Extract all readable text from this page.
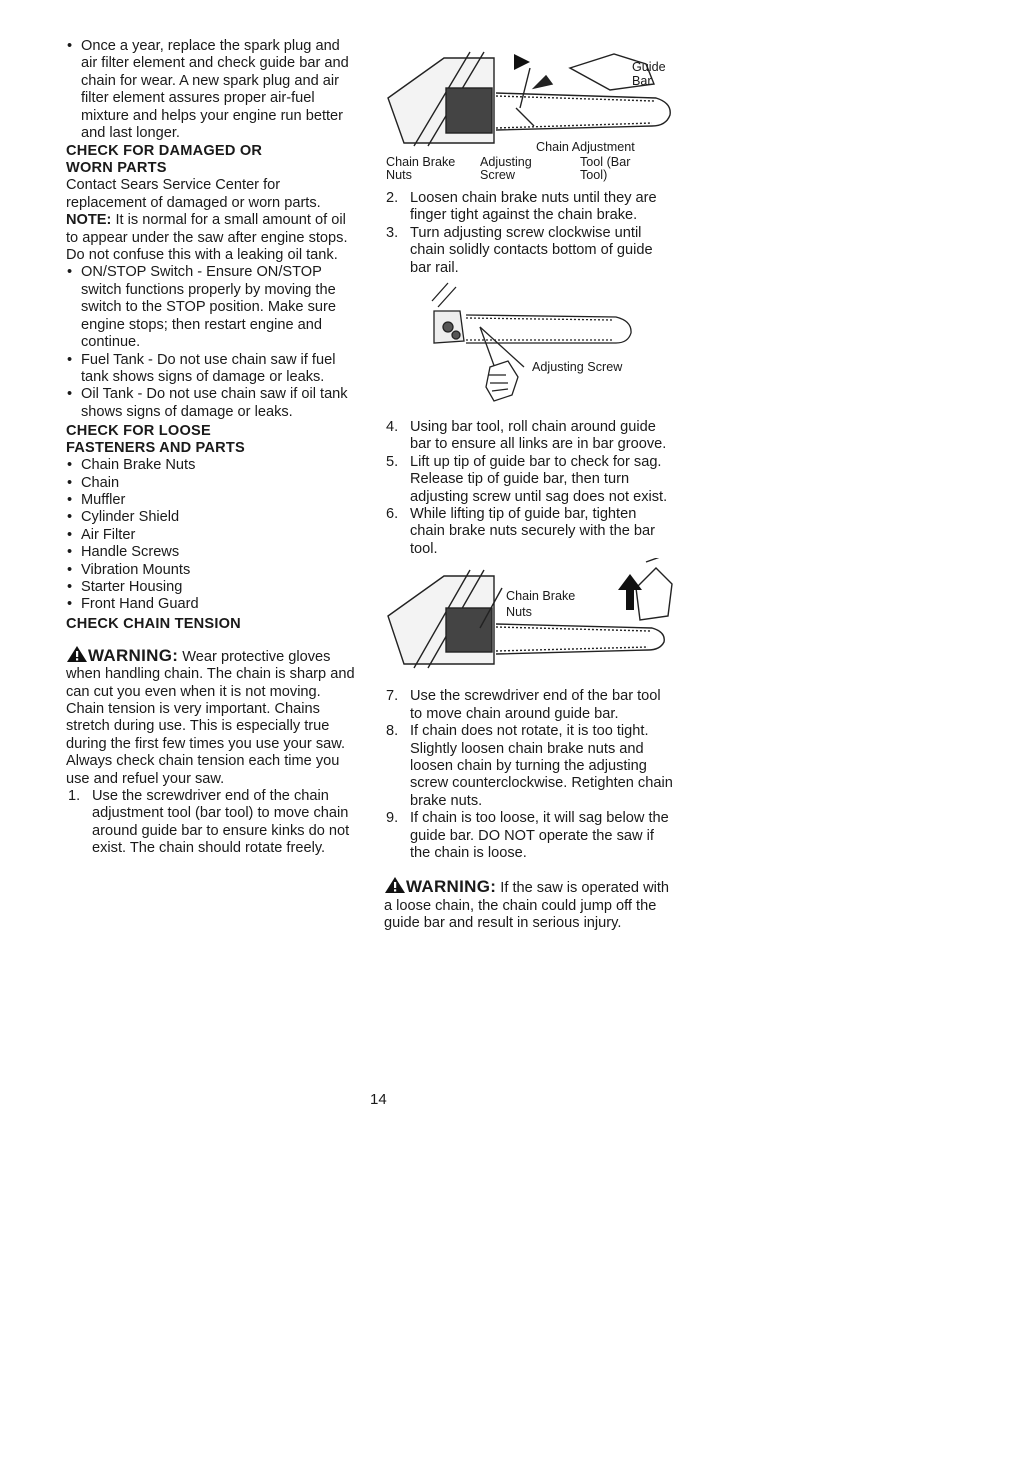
• Once a year, replace the spark plug and air filter element and check guide bar and chain for wear. A new spark plug and air filter element assures proper air-fuel mixture and helps your engine run better and last longer.
CHECK FOR DAMAGED OR WORN PARTS

Contact Sears Service Center for replacement of damaged or worn parts.

NOTE: It is normal for a small amount of oil to appear under the saw after engine stops. Do not confuse this with a leaking oil tank.

• ON/STOP Switch - Ensure ON/STOP switch functions properly by moving the switch to the STOP position. Make sure engine stops; then restart engine and continue.
• Fuel Tank - Do not use chain saw if fuel tank shows signs of damage or leaks.
• Oil Tank - Do not use chain saw if oil tank shows signs of damage or leaks.
CHECK FOR LOOSE FASTENERS AND PARTS
• Chain Brake Nuts
• Chain
• Muffler
• Cylinder Shield
• Air Filter
• Handle Screws
• Vibration Mounts
• Starter Housing
• Front Hand Guard
CHECK CHAIN TENSION

WARNING: Wear protective gloves when handling chain. The chain is sharp and can cut you even when it is not moving.

Chain tension is very important. Chains stretch during use. This is especially true during the first few times you use your saw. Always check chain tension each time you use and refuel your saw.

1. Use the screwdriver end of the chain adjustment tool (bar tool) to move chain around guide bar to ensure kinks do not exist. The chain should rotate freely.
Guide Bar
Chain Adjustment
Chain Brake Nuts
Adjusting Screw
Tool (Bar Tool)
2. Loosen chain brake nuts until they are finger tight against the chain brake.
3. Turn adjusting screw clockwise until chain solidly contacts bottom of guide bar rail.
Adjusting Screw
4. Using bar tool, roll chain around guide bar to ensure all links are in bar groove.
5. Lift up tip of guide bar to check for sag. Release tip of guide bar, then turn adjusting screw until sag does not exist.
6. While lifting tip of guide bar, tighten chain brake nuts securely with the bar tool.
Chain Brake Nuts
7. Use the screwdriver end of the bar tool to move chain around guide bar.
8. If chain does not rotate, it is too tight. Slightly loosen chain brake nuts and loosen chain by turning the adjusting screw counterclockwise. Retighten chain brake nuts.
9. If chain is too loose, it will sag below the guide bar. DO NOT operate the saw if the chain is loose.

WARNING: If the saw is operated with a loose chain, the chain could jump off the guide bar and result in serious injury.

14
